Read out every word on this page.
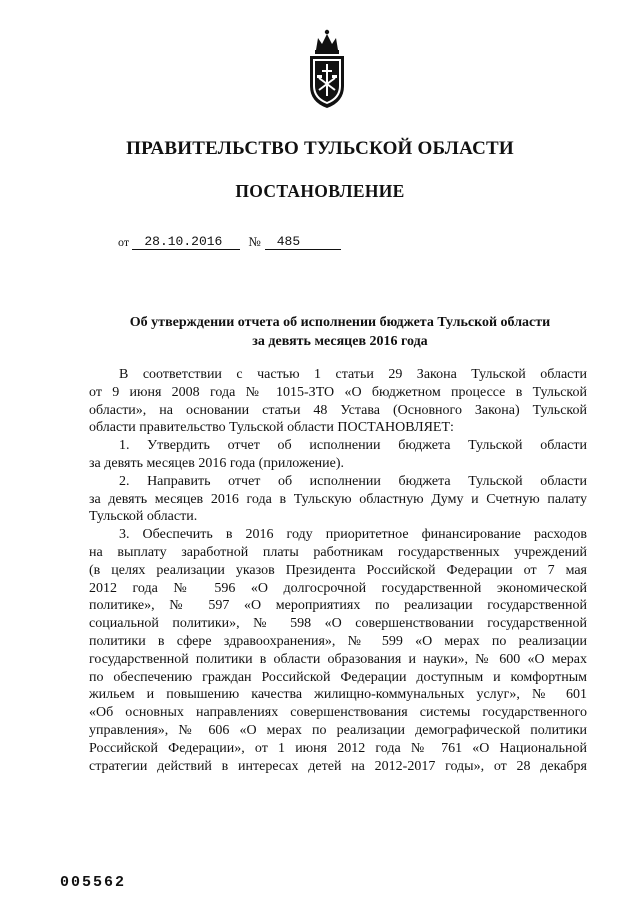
ПРАВИТЕЛЬСТВО ТУЛЬСКОЙ ОБЛАСТИ
ПОСТАНОВЛЕНИЕ
от 28.10.2016 № 485
Об утверждении отчета об исполнении бюджета Тульской области
за девять месяцев 2016 года

В соответствии с частью 1 статьи 29 Закона Тульской области
от 9 июня 2008 года № 1015-ЗТО «О бюджетном процессе в Тульской
области», на основании статьи 48 Устава (Основного Закона) Тульской
области правительство Тульской области ПОСТАНОВЛЯЕТ:

1. Утвердить отчет об исполнении бюджета Тульской области
за девять месяцев 2016 года (приложение).

2. Направить отчет об исполнении бюджета Тульской области
за девять месяцев 2016 года в Тульскую областную Думу и Счетную палату
Тульской области.

3. Обеспечить в 2016 году приоритетное финансирование расходов
на выплату заработной платы работникам государственных учреждений
(в целях реализации указов Президента Российской Федерации от 7 мая
2012 года № 596 «О долгосрочной государственной экономической
политике», № 597 «О мероприятиях по реализации государственной
социальной политики», № 598 «О совершенствовании государственной
политики в сфере здравоохранения», № 599 «О мерах по реализации
государственной политики в области образования и науки», № 600 «О мерах
по обеспечению граждан Российской Федерации доступным и комфортным
жильем и повышению качества жилищно-коммунальных услуг», № 601
«Об основных направлениях совершенствования системы государственного
управления», № 606 «О мерах по реализации демографической политики
Российской Федерации», от 1 июня 2012 года № 761 «О Национальной
стратегии действий в интересах детей на 2012-2017 годы», от 28 декабря

005562
